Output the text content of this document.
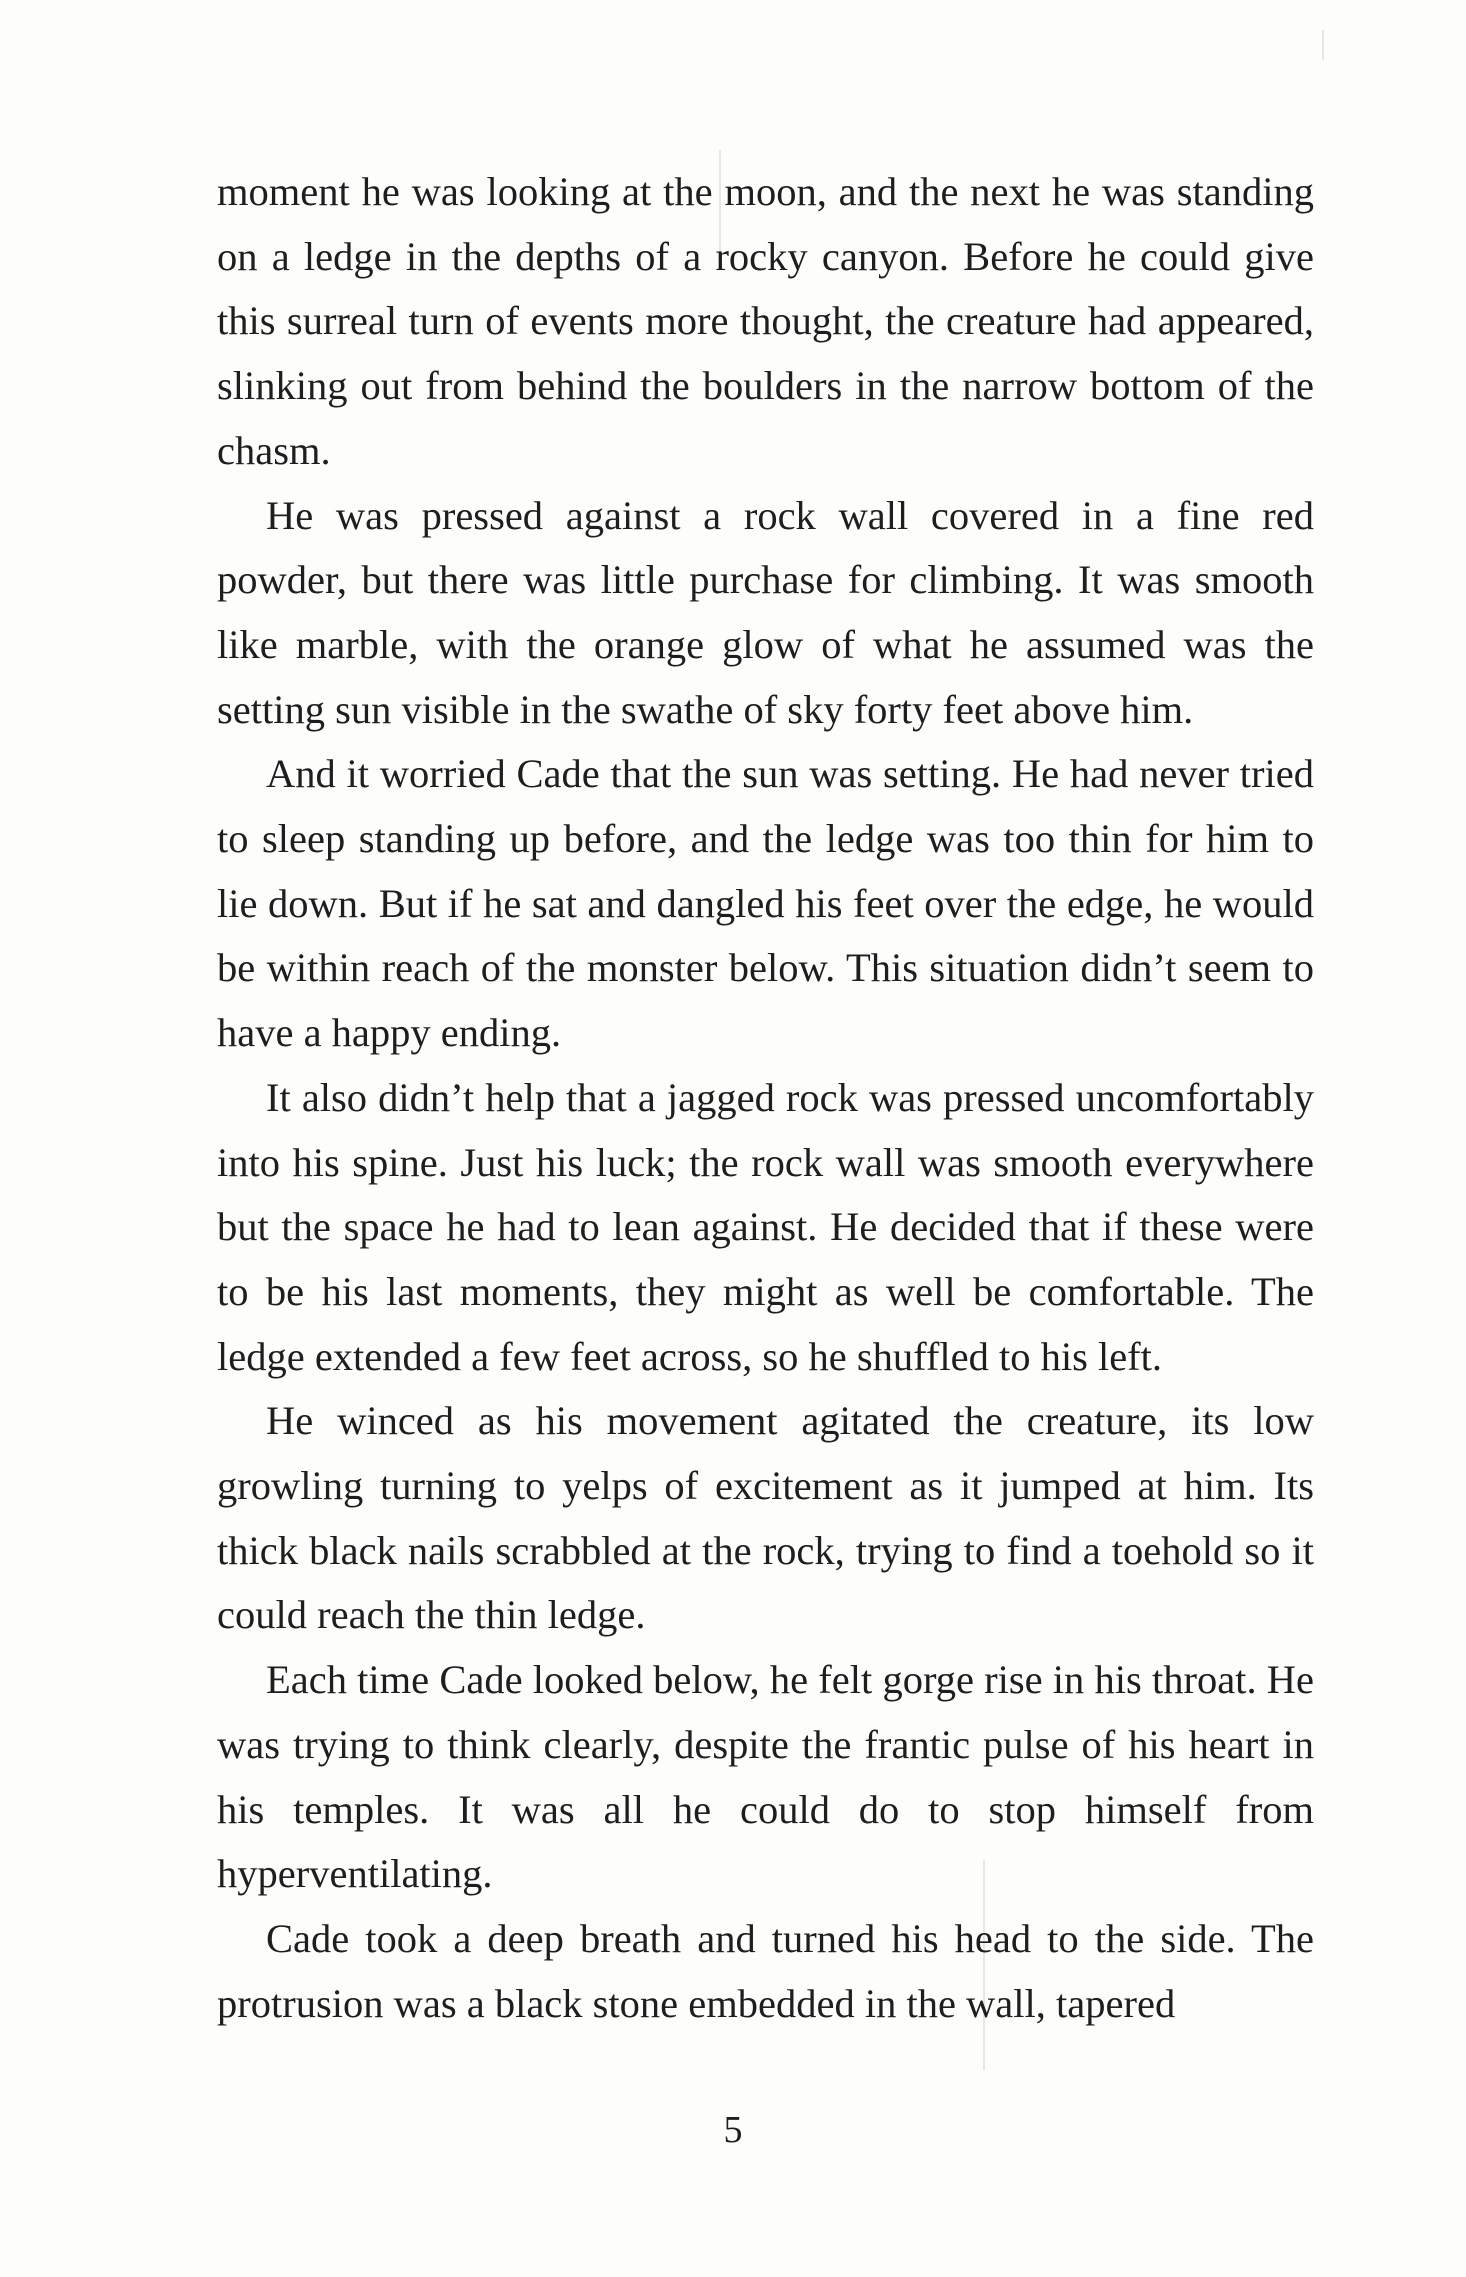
moment he was looking at the moon, and the next he was standing on a ledge in the depths of a rocky canyon. Before he could give this surreal turn of events more thought, the creature had appeared, slinking out from behind the boulders in the narrow bottom of the chasm.

He was pressed against a rock wall covered in a fine red powder, but there was little purchase for climbing. It was smooth like marble, with the orange glow of what he assumed was the setting sun visible in the swathe of sky forty feet above him.

And it worried Cade that the sun was setting. He had never tried to sleep standing up before, and the ledge was too thin for him to lie down. But if he sat and dangled his feet over the edge, he would be within reach of the monster below. This situation didn’t seem to have a happy ending.

It also didn’t help that a jagged rock was pressed uncomfortably into his spine. Just his luck; the rock wall was smooth everywhere but the space he had to lean against. He decided that if these were to be his last moments, they might as well be comfortable. The ledge extended a few feet across, so he shuffled to his left.

He winced as his movement agitated the creature, its low growling turning to yelps of excitement as it jumped at him. Its thick black nails scrabbled at the rock, trying to find a toehold so it could reach the thin ledge.

Each time Cade looked below, he felt gorge rise in his throat. He was trying to think clearly, despite the frantic pulse of his heart in his temples. It was all he could do to stop himself from hyperventilating.

Cade took a deep breath and turned his head to the side. The protrusion was a black stone embedded in the wall, tapered

5
